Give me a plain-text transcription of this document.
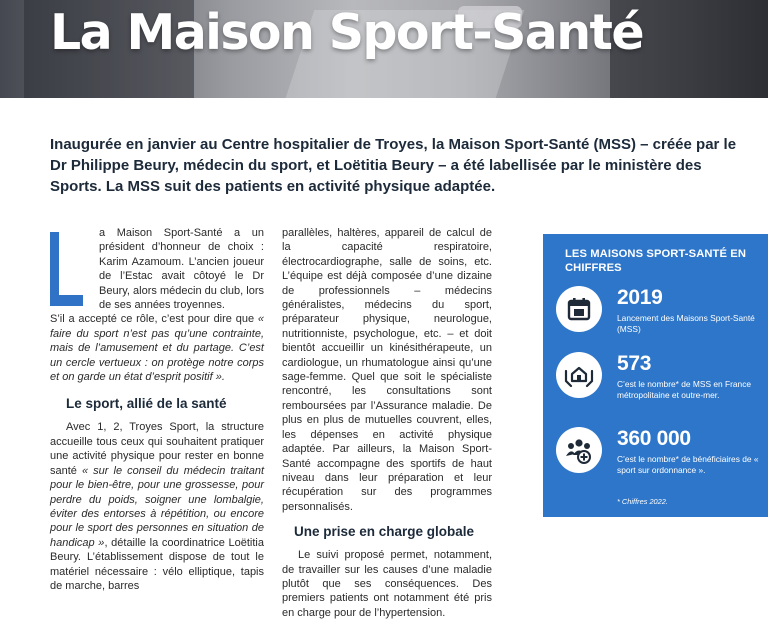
La Maison Sport-Santé

Inaugurée en janvier au Centre hospitalier de Troyes, la Maison Sport-Santé (MSS) – créée par le Dr Philippe Beury, médecin du sport, et Loëtitia Beury – a été labellisée par le ministère des Sports. La MSS suit des patients en activité physique adaptée.

a Maison Sport-Santé a un président d’honneur de choix : Karim Azamoum. L’ancien joueur de l’Estac avait côtoyé le Dr Beury, alors médecin du club, lors de ses années troyennes.

S’il a accepté ce rôle, c’est pour dire que « faire du sport n’est pas qu’une contrainte, mais de l’amusement et du partage. C’est un cercle vertueux : on protège notre corps et on garde un état d’esprit positif ».

Le sport, allié de la santé

Avec 1, 2, Troyes Sport, la structure accueille tous ceux qui souhaitent pratiquer une activité physique pour rester en bonne santé « sur le conseil du médecin traitant pour le bien-être, pour une grossesse, pour perdre du poids, soigner une lombalgie, éviter des entorses à répétition, ou encore pour le sport des personnes en situation de handicap », détaille la coordinatrice Loëtitia Beury. L’établissement dispose de tout le matériel nécessaire : vélo elliptique, tapis de marche, barres

parallèles, haltères, appareil de calcul de la capacité respiratoire, électrocardiographe, salle de soins, etc. L’équipe est déjà composée d’une dizaine de professionnels – médecins généralistes, médecins du sport, préparateur physique, neurologue, nutritionniste, psychologue, etc. – et doit bientôt accueillir un kinésithérapeute, un cardiologue, un rhumatologue ainsi qu’une sage-femme. Quel que soit le spécialiste rencontré, les consultations sont remboursées par l’Assurance maladie. De plus en plus de mutuelles couvrent, elles, les dépenses en activité physique adaptée. Par ailleurs, la Maison Sport-Santé accompagne des sportifs de haut niveau dans leur préparation et leur récupération sur des programmes personnalisés.

Une prise en charge globale

Le suivi proposé permet, notamment, de travailler sur les causes d’une maladie plutôt que ses conséquences. Des premiers patients ont notamment été pris en charge pour de l’hypertension.

LES MAISONS SPORT-SANTÉ EN CHIFFRES
2019
Lancement des Maisons Sport-Santé (MSS)
573
C’est le nombre* de MSS en France métropolitaine et outre-mer.
360 000
C’est le nombre* de bénéficiaires de « sport sur ordonnance ».
* Chiffres 2022.
